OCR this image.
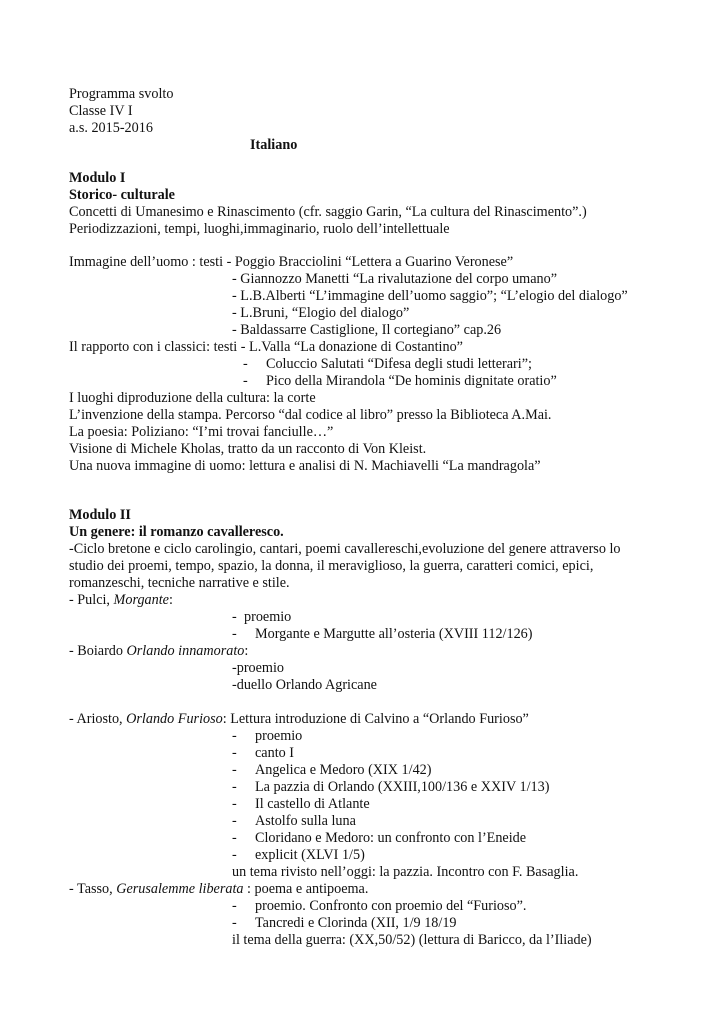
Programma svolto
Classe IV I
a.s. 2015-2016
Italiano
Modulo I
Storico- culturale
Concetti di Umanesimo e Rinascimento (cfr. saggio Garin, “La cultura del Rinascimento”.)
Periodizzazioni, tempi, luoghi,immaginario, ruolo dell’intellettuale
Immagine dell’uomo : testi - Poggio Bracciolini “Lettera a Guarino Veronese”
- Giannozzo Manetti “La rivalutazione del corpo umano”
- L.B.Alberti “L’immagine dell’uomo saggio”; “L’elogio del dialogo”
- L.Bruni, “Elogio del dialogo”
- Baldassarre Castiglione, Il cortegiano” cap.26
Il rapporto con i classici: testi - L.Valla “La donazione di Costantino”
- Coluccio Salutati “Difesa degli studi letterari”;
- Pico della Mirandola “De hominis dignitate oratio”
I luoghi diproduzione della cultura: la corte
L’invenzione della stampa. Percorso “dal codice al libro” presso la Biblioteca A.Mai.
La poesia: Poliziano: “I’mi trovai fanciulle…”
Visione di Michele Kholas, tratto da un racconto di Von Kleist.
Una nuova immagine di uomo: lettura e analisi di N. Machiavelli “La mandragola”
Modulo II
Un genere: il romanzo cavalleresco.
-Ciclo bretone e ciclo carolingio, cantari, poemi cavallereschi,evoluzione del genere attraverso lo
studio dei proemi, tempo, spazio, la donna, il meraviglioso, la guerra, caratteri comici, epici,
romanzeschi, tecniche narrative e stile.
- Pulci, Morgante:
- proemio
- Morgante e Margutte all’osteria (XVIII 112/126)
- Boiardo Orlando innamorato:
-proemio
-duello Orlando Agricane
- Ariosto, Orlando Furioso: Lettura introduzione di Calvino a “Orlando Furioso”
- proemio
- canto I
- Angelica e Medoro (XIX 1/42)
- La pazzia di Orlando (XXIII,100/136 e XXIV 1/13)
- Il castello di Atlante
- Astolfo sulla luna
- Cloridano e Medoro: un confronto con l’Eneide
- explicit (XLVI 1/5)
un tema rivisto nell’oggi: la pazzia. Incontro con F. Basaglia.
- Tasso, Gerusalemme liberata : poema e antipoema.
- proemio. Confronto con proemio del “Furioso”.
- Tancredi e Clorinda (XII, 1/9 18/19
il tema della guerra: (XX,50/52) (lettura di Baricco, da l’Iliade)
